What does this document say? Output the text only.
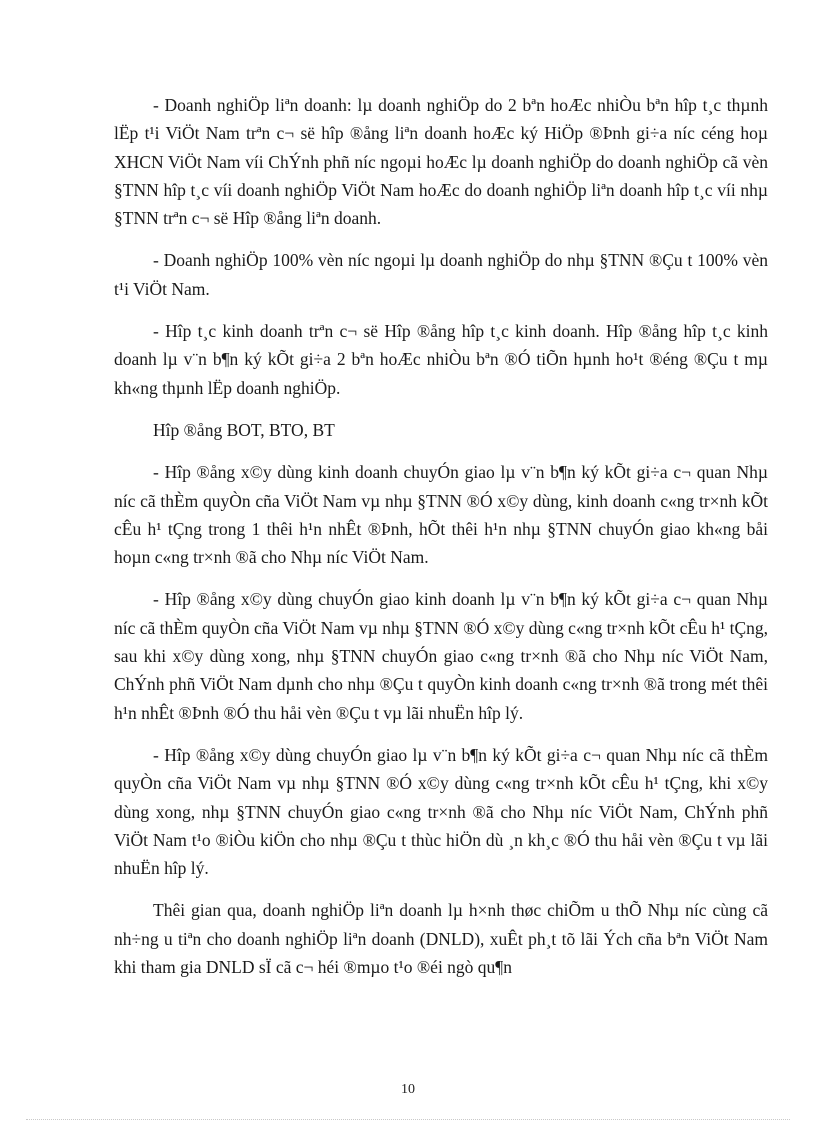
- Doanh nghiÖp liªn doanh: lµ doanh nghiÖp do 2 bªn hoÆc nhiÒu bªn hîp t¸c thµnh lËp t¹i ViÖt Nam trªn c¬ së hîp ®ång liªn doanh hoÆc ký HiÖp ®Þnh gi÷a níc céng hoµ XHCN ViÖt Nam víi ChÝnh phñ níc ngoµi hoÆc lµ doanh nghiÖp do doanh nghiÖp cã vèn §TNN hîp t¸c víi doanh nghiÖp ViÖt Nam hoÆc do doanh nghiÖp liªn doanh hîp t¸c víi nhµ §TNN trªn c¬ së Hîp ®ång liªn doanh.

- Doanh nghiÖp 100% vèn níc ngoµi lµ doanh nghiÖp do nhµ §TNN ®Çu t 100% vèn t¹i ViÖt Nam.

- Hîp t¸c kinh doanh trªn c¬ së Hîp ®ång hîp t¸c kinh doanh. Hîp ®ång hîp t¸c kinh doanh lµ v¨n b¶n ký kÕt gi÷a 2 bªn hoÆc nhiÒu bªn ®Ó tiÕn hµnh ho¹t ®éng ®Çu t mµ kh«ng thµnh lËp doanh nghiÖp.

Hîp ®ång BOT, BTO, BT

- Hîp ®ång x©y dùng kinh doanh chuyÓn giao lµ v¨n b¶n ký kÕt gi÷a c¬ quan Nhµ níc cã thÈm quyÒn cña ViÖt Nam vµ nhµ §TNN ®Ó x©y dùng, kinh doanh c«ng tr×nh kÕt cÊu h¹ tÇng trong 1 thêi h¹n nhÊt ®Þnh, hÕt thêi h¹n nhµ §TNN chuyÓn giao kh«ng båi hoµn c«ng tr×nh ®ã cho Nhµ níc ViÖt Nam.

- Hîp ®ång x©y dùng chuyÓn giao kinh doanh lµ v¨n b¶n ký kÕt gi÷a c¬ quan Nhµ níc cã thÈm quyÒn cña ViÖt Nam vµ nhµ §TNN ®Ó x©y dùng c«ng tr×nh kÕt cÊu h¹ tÇng, sau khi x©y dùng xong, nhµ §TNN chuyÓn giao c«ng tr×nh ®ã cho Nhµ níc ViÖt Nam, ChÝnh phñ ViÖt Nam dµnh cho nhµ ®Çu t quyÒn kinh doanh c«ng tr×nh ®ã trong mét thêi h¹n nhÊt ®Þnh ®Ó thu håi vèn ®Çu t vµ lãi nhuËn hîp lý.

- Hîp ®ång x©y dùng chuyÓn giao lµ v¨n b¶n ký kÕt gi÷a c¬ quan Nhµ níc cã thÈm quyÒn cña ViÖt Nam vµ nhµ §TNN ®Ó x©y dùng c«ng tr×nh kÕt cÊu h¹ tÇng, khi x©y dùng xong, nhµ §TNN chuyÓn giao c«ng tr×nh ®ã cho Nhµ níc ViÖt Nam, ChÝnh phñ ViÖt Nam t¹o ®iÒu kiÖn cho nhµ ®Çu t thùc hiÖn dù ¸n kh¸c ®Ó thu håi vèn ®Çu t vµ lãi nhuËn hîp lý.

Thêi gian qua, doanh nghiÖp liªn doanh lµ h×nh thøc chiÕm u thÕ Nhµ níc cùng cã nh÷ng u tiªn cho doanh nghiÖp liªn doanh (DNLD), xuÊt ph¸t tõ lãi Ých cña bªn ViÖt Nam khi tham gia DNLD sÏ cã c¬ héi ®mµo t¹o ®éi ngò qu¶n

10
